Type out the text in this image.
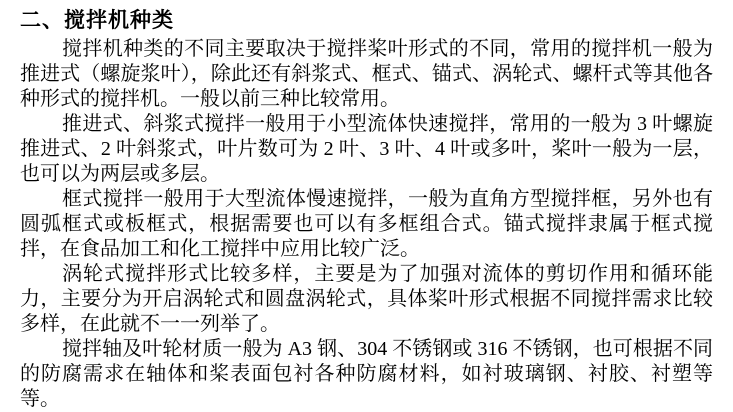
二、搅拌机种类

搅拌机种类的不同主要取决于搅拌桨叶形式的不同，常用的搅拌机一般为推进式（螺旋浆叶），除此还有斜浆式、框式、锚式、涡轮式、螺杆式等其他各种形式的搅拌机。一般以前三种比较常用。

推进式、斜浆式搅拌一般用于小型流体快速搅拌，常用的一般为 3 叶螺旋推进式、2 叶斜浆式，叶片数可为 2 叶、3 叶、4 叶或多叶，桨叶一般为一层，也可以为两层或多层。

框式搅拌一般用于大型流体慢速搅拌，一般为直角方型搅拌框，另外也有圆弧框式或板框式，根据需要也可以有多框组合式。锚式搅拌隶属于框式搅拌，在食品加工和化工搅拌中应用比较广泛。

涡轮式搅拌形式比较多样，主要是为了加强对流体的剪切作用和循环能力，主要分为开启涡轮式和圆盘涡轮式，具体桨叶形式根据不同搅拌需求比较多样，在此就不一一列举了。

搅拌轴及叶轮材质一般为 A3 钢、304 不锈钢或 316 不锈钢，也可根据不同的防腐需求在轴体和桨表面包衬各种防腐材料，如衬玻璃钢、衬胶、衬塑等等。
